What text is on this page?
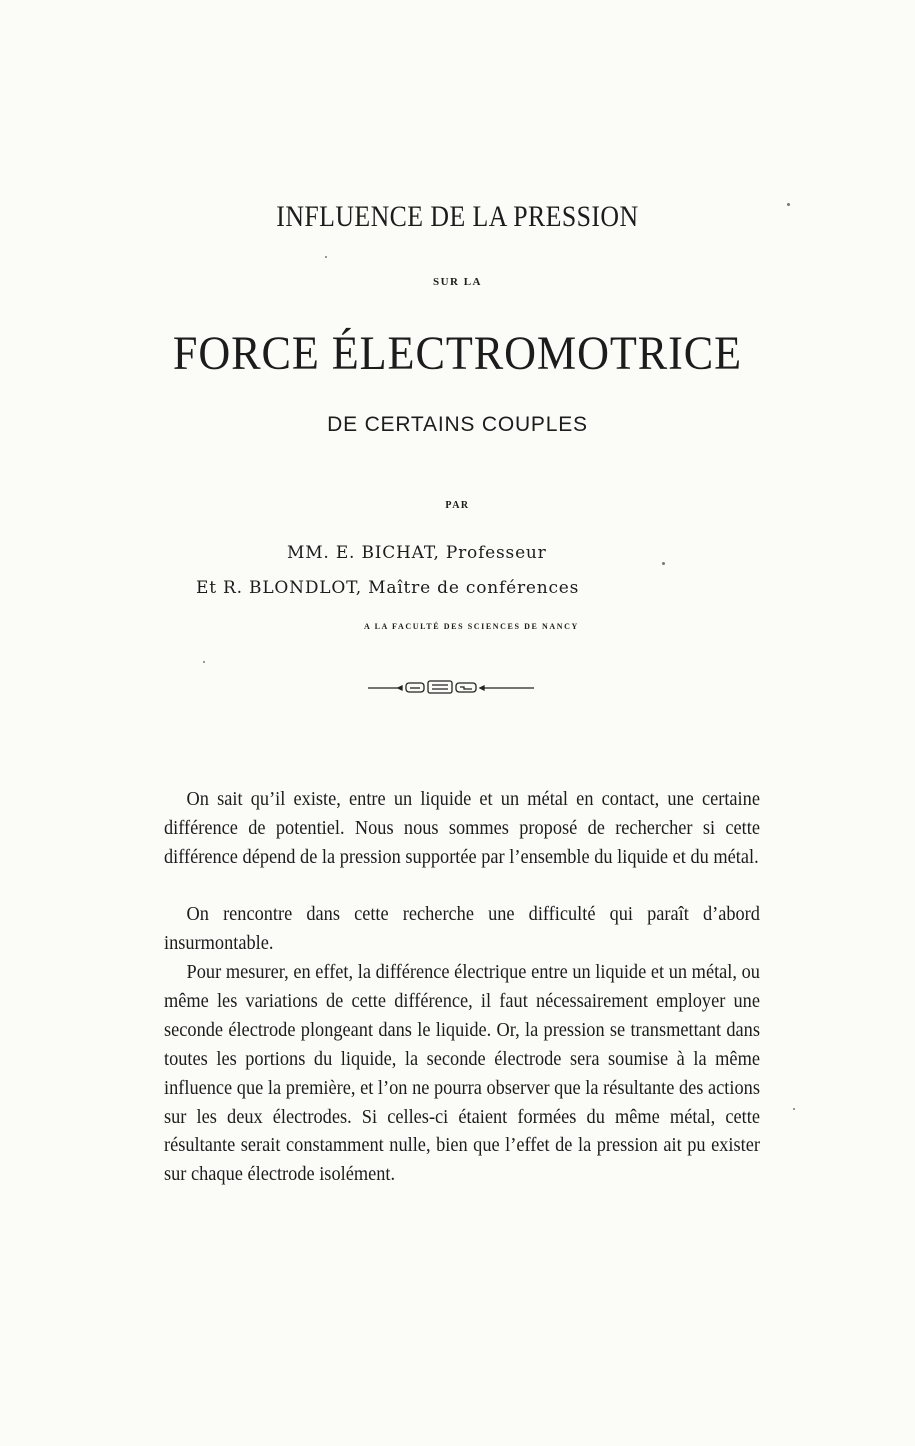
INFLUENCE DE LA PRESSION
SUR LA
FORCE ÉLECTROMOTRICE
DE CERTAINS COUPLES
PAR
MM. E. BICHAT, Professeur
Et R. BLONDLOT, Maître de conférences
A LA FACULTÉ DES SCIENCES DE NANCY
On sait qu’il existe, entre un liquide et un métal en contact, une certaine différence de potentiel. Nous nous sommes proposé de rechercher si cette différence dépend de la pression supportée par l’ensemble du liquide et du métal.
On rencontre dans cette recherche une difficulté qui paraît d’abord insurmontable.
Pour mesurer, en effet, la différence électrique entre un liquide et un métal, ou même les variations de cette différence, il faut nécessairement employer une seconde électrode plongeant dans le liquide. Or, la pression se transmettant dans toutes les portions du liquide, la seconde électrode sera soumise à la même influence que la première, et l’on ne pourra observer que la résultante des actions sur les deux électrodes. Si celles-ci étaient formées du même métal, cette résultante serait constamment nulle, bien que l’effet de la pression ait pu exister sur chaque électrode isolément.
